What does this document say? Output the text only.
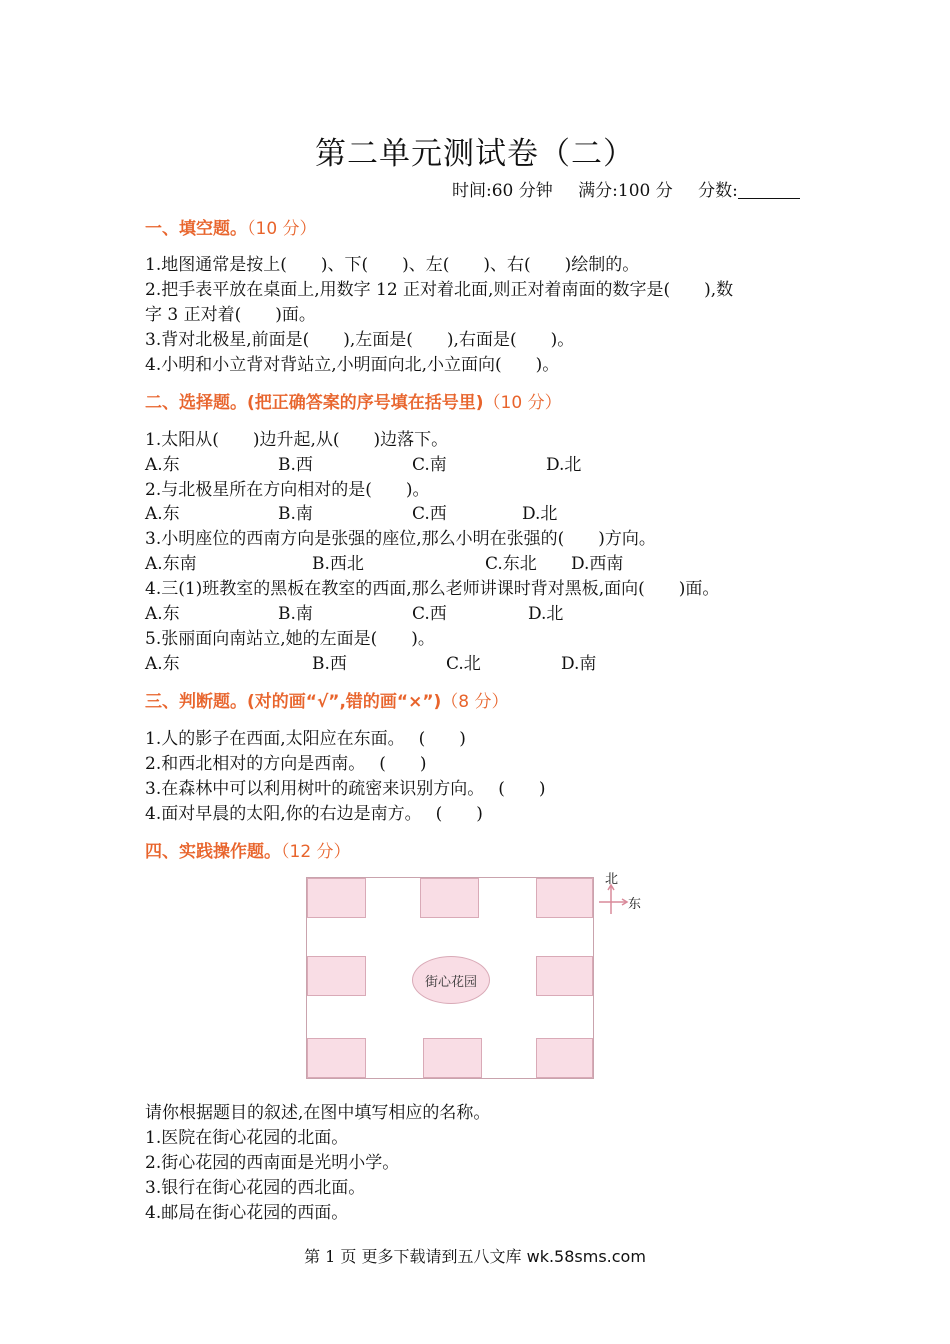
第二单元测试卷（二）
时间:60 分钟 满分:100 分 分数:
一、填空题。（10 分）
1.地图通常是按上(　　)、下(　　)、左(　　)、右(　　)绘制的。
2.把手表平放在桌面上,用数字 12 正对着北面,则正对着南面的数字是(　　),数
字 3 正对着(　　)面。
3.背对北极星,前面是(　　),左面是(　　),右面是(　　)。
4.小明和小立背对背站立,小明面向北,小立面向(　　)。
二、选择题。(把正确答案的序号填在括号里)（10 分）
1.太阳从(　　)边升起,从(　　)边落下。
A.东	B.西	C.南	D.北
2.与北极星所在方向相对的是(　　)。
A.东	B.南	C.西	D.北
3.小明座位的西南方向是张强的座位,那么小明在张强的(　　)方向。
A.东南	B.西北	C.东北 D.西南
4.三(1)班教室的黑板在教室的西面,那么老师讲课时背对黑板,面向(　　)面。
A.东	B.南	C.西	D.北
5.张丽面向南站立,她的左面是(　　)。
A.东	B.西	C.北	D.南
三、判断题。(对的画“√”,错的画“×”)（8 分）
1.人的影子在西面,太阳应在东面。 (　　)
2.和西北相对的方向是西南。 (　　)
3.在森林中可以利用树叶的疏密来识别方向。 (　　)
4.面对早晨的太阳,你的右边是南方。 (　　)
四、实践操作题。（12 分）
街心花园
北
东
请你根据题目的叙述,在图中填写相应的名称。
1.医院在街心花园的北面。
2.街心花园的西南面是光明小学。
3.银行在街心花园的西北面。
4.邮局在街心花园的西面。
第 1 页 更多下载请到五八文库 wk.58sms.com
